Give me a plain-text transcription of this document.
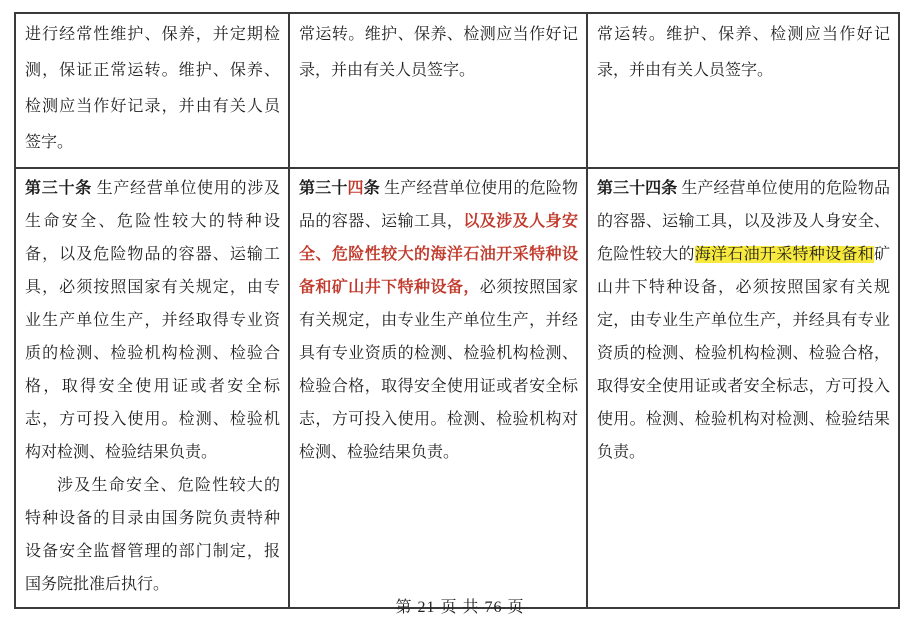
进行经常性维护、保养，并定期检测，保证正常运转。维护、保养、检测应当作好记录，并由有关人员签字。	常运转。维护、保养、检测应当作好记录，并由有关人员签字。	常运转。维护、保养、检测应当作好记录，并由有关人员签字。

第三十条 生产经营单位使用的涉及生命安全、危险性较大的特种设备，以及危险物品的容器、运输工具，必须按照国家有关规定，由专业生产单位生产，并经取得专业资质的检测、检验机构检测、检验合格，取得安全使用证或者安全标志，方可投入使用。检测、检验机构对检测、检验结果负责。

涉及生命安全、危险性较大的特种设备的目录由国务院负责特种设备安全监督管理的部门制定，报国务院批准后执行。	第三十四条 生产经营单位使用的危险物品的容器、运输工具，以及涉及人身安全、危险性较大的海洋石油开采特种设备和矿山井下特种设备，必须按照国家有关规定，由专业生产单位生产，并经具有专业资质的检测、检验机构检测、检验合格，取得安全使用证或者安全标志，方可投入使用。检测、检验机构对检测、检验结果负责。	第三十四条 生产经营单位使用的危险物品的容器、运输工具，以及涉及人身安全、危险性较大的海洋石油开采特种设备和矿山井下特种设备，必须按照国家有关规定，由专业生产单位生产，并经具有专业资质的检测、检验机构检测、检验合格，取得安全使用证或者安全标志，方可投入使用。检测、检验机构对检测、检验结果负责。

第 21 页 共 76 页
